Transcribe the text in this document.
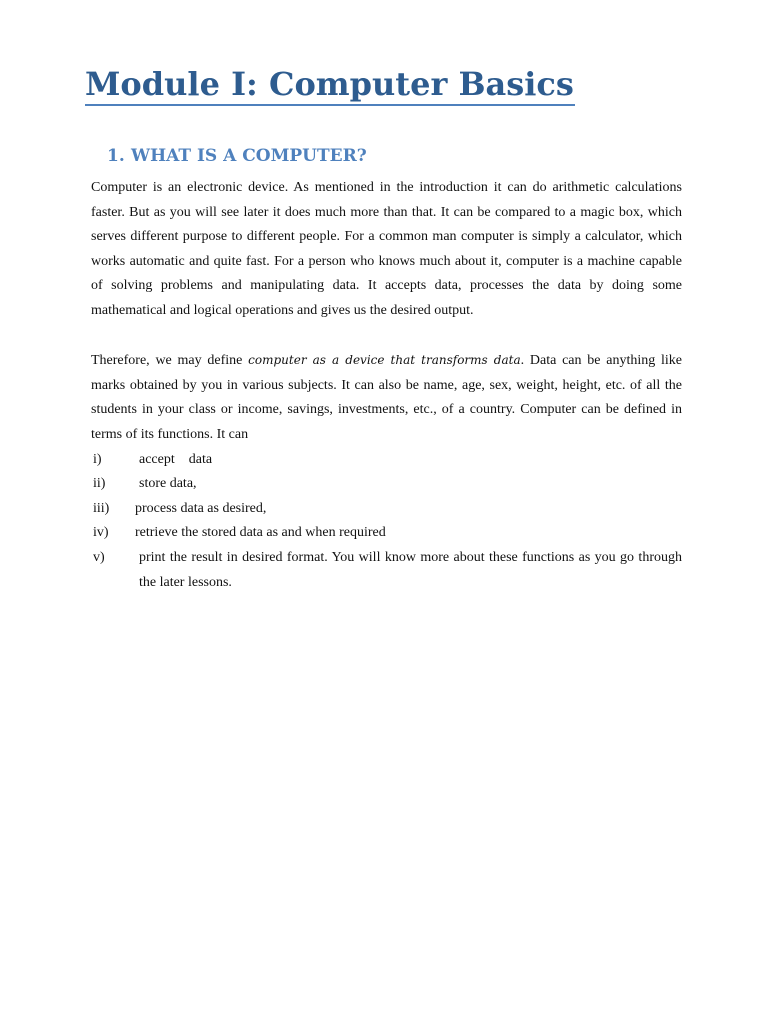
Module I: Computer Basics
1. WHAT IS A COMPUTER?

Computer is an electronic device. As mentioned in the introduction it can do arithmetic calculations faster. But as you will see later it does much more than that. It can be compared to a magic box, which serves different purpose to different people. For a common man computer is simply a calculator, which works automatic and quite fast. For a person who knows much about it, computer is a machine capable of solving problems and manipulating data. It accepts data, processes the data by doing some mathematical and logical operations and gives us the desired output.

Therefore, we may define computer as a device that transforms data. Data can be anything like marks obtained by you in various subjects. It can also be name, age, sex, weight, height, etc. of all the students in your class or income, savings, investments, etc., of a country. Computer can be defined in terms of its functions. It can

i)	accept    data
ii) store data,
iii) process data as desired,
iv) retrieve the stored data as and when required
v) print the result in desired format. You will know more about these functions as you go through the later lessons.
